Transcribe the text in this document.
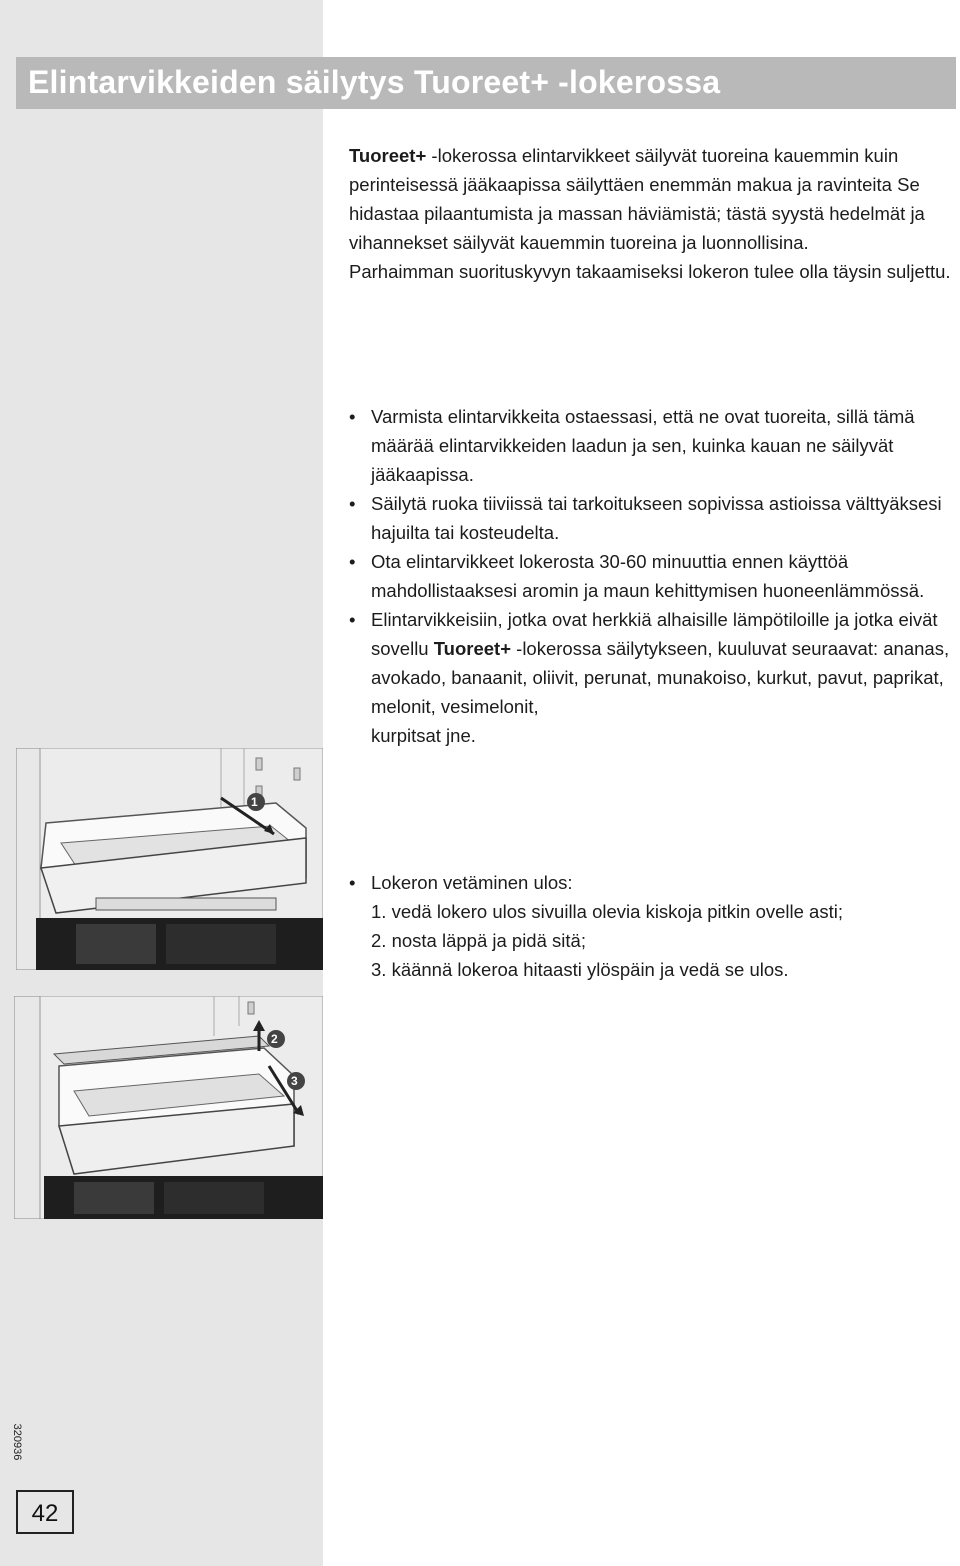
Elintarvikkeiden säilytys Tuoreet+ -lokerossa

Tuoreet+ -lokerossa elintarvikkeet säilyvät tuoreina kauemmin kuin perinteisessä jääkaapissa säilyttäen enemmän makua ja ravinteita Se hidastaa pilaantumista ja massan häviämistä; tästä syystä hedelmät ja vihannekset säilyvät kauemmin tuoreina ja luonnollisina.

Parhaimman suorituskyvyn takaamiseksi lokeron tulee olla täysin suljettu.

• Varmista elintarvikkeita ostaessasi, että ne ovat tuoreita, sillä tämä määrää elintarvikkeiden laadun ja sen, kuinka kauan ne säilyvät jääkaapissa.

• Säilytä ruoka tiiviissä tai tarkoitukseen sopivissa astioissa välttyäksesi hajuilta tai kosteudelta.

• Ota elintarvikkeet lokerosta 30-60 minuuttia ennen käyttöä mahdollistaaksesi aromin ja maun kehittymisen huoneenlämmössä.

• Elintarvikkeisiin, jotka ovat herkkiä alhaisille lämpötiloille ja jotka eivät sovellu Tuoreet+ -lokerossa säilytykseen, kuuluvat seuraavat: ananas, avokado, banaanit, oliivit, perunat, munakoiso, kurkut, pavut, paprikat, melonit, vesimelonit,
kurpitsat jne.

• Lokeron vetäminen ulos:

1. vedä lokero ulos sivuilla olevia kiskoja pitkin ovelle asti;

2. nosta läppä ja pidä sitä;

3. käännä lokeroa hitaasti ylöspäin ja vedä se ulos.

1
2
3
320936
42
